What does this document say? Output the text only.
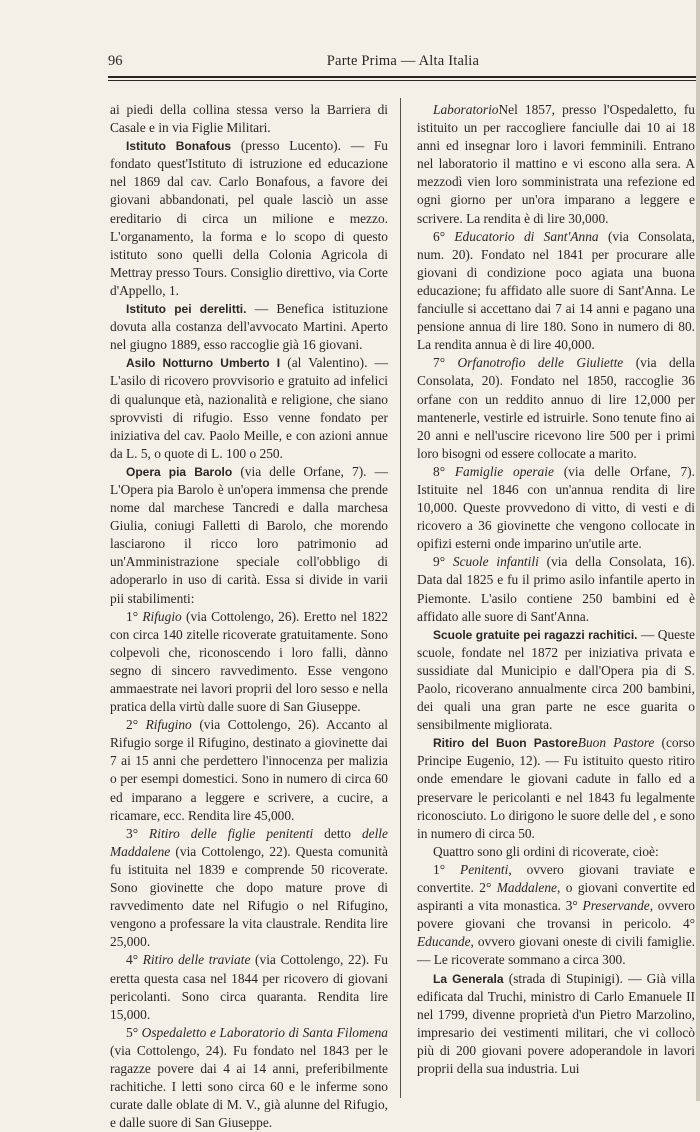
96	Parte Prima — Alta Italia

ai piedi della collina stessa verso la Barriera di Casale e in via Figlie Militari.

Istituto Bonafous (presso Lucento). — Fu fondato quest'Istituto di istruzione ed educazione nel 1869 dal cav. Carlo Bonafous, a favore dei giovani abbandonati, pel quale lasciò un asse ereditario di circa un milione e mezzo. L'organamento, la forma e lo scopo di questo istituto sono quelli della Colonia Agricola di Mettray presso Tours. Consiglio direttivo, via Corte d'Appello, 1.

Istituto pei derelitti. — Benefica istituzione dovuta alla costanza dell'avvocato Martini. Aperto nel giugno 1889, esso raccoglie già 16 giovani.

Asilo Notturno Umberto I (al Valentino). — L'asilo di ricovero provvisorio e gratuito ad infelici di qualunque età, nazionalità e religione, che siano sprovvisti di rifugio. Esso venne fondato per iniziativa del cav. Paolo Meille, e con azioni annue da L. 5, o quote di L. 100 o 250.

Opera pia Barolo (via delle Orfane, 7). — L'Opera pia Barolo è un'opera immensa che prende nome dal marchese Tancredi e dalla marchesa Giulia, coniugi Falletti di Barolo, che morendo lasciarono il ricco loro patrimonio ad un'Amministrazione speciale coll'obbligo di adoperarlo in uso di carità. Essa si divide in varii pii stabilimenti:

1° Rifugio (via Cottolengo, 26). Eretto nel 1822 con circa 140 zitelle ricoverate gratuitamente. Sono colpevoli che, riconoscendo i loro falli, dànno segno di sincero ravvedimento. Esse vengono ammaestrate nei lavori proprii del loro sesso e nella pratica della virtù dalle suore di San Giuseppe.

2° Rifugino (via Cottolengo, 26). Accanto al Rifugio sorge il Rifugino, destinato a giovinette dai 7 ai 15 anni che perdettero l'innocenza per malizia o per esempi domestici. Sono in numero di circa 60 ed imparano a leggere e scrivere, a cucire, a ricamare, ecc. Rendita lire 45,000.

3° Ritiro delle figlie penitenti detto delle Maddalene (via Cottolengo, 22). Questa comunità fu istituita nel 1839 e comprende 50 ricoverate. Sono giovinette che dopo mature prove di ravvedimento date nel Rifugio o nel Rifugino, vengono a professare la vita claustrale. Rendita lire 25,000.

4° Ritiro delle traviate (via Cottolengo, 22). Fu eretta questa casa nel 1844 per ricovero di giovani pericolanti. Sono circa quaranta. Rendita lire 15,000.

5° Ospedaletto e Laboratorio di Santa Filomena (via Cottolengo, 24). Fu fondato nel 1843 per le ragazze povere dai 4 ai 14 anni, preferibilmente rachitiche. I letti sono circa 60 e le inferme sono curate dalle oblate di M. V., già alunne del Rifugio, e dalle suore di San Giuseppe.

LaboratorioNel 1857, presso l'Ospedaletto, fu istituito un per raccogliere fanciulle dai 10 ai 18 anni ed insegnar loro i lavori femminili. Entrano nel laboratorio il mattino e vi escono alla sera. A mezzodì vien loro somministrata una refezione ed ogni giorno per un'ora imparano a leggere e scrivere. La rendita è di lire 30,000.

6° Educatorio di Sant'Anna (via Consolata, num. 20). Fondato nel 1841 per procurare alle giovani di condizione poco agiata una buona educazione; fu affidato alle suore di Sant'Anna. Le fanciulle si accettano dai 7 ai 14 anni e pagano una pensione annua di lire 180. Sono in numero di 80. La rendita annua è di lire 40,000.

7° Orfanotrofio delle Giuliette (via della Consolata, 20). Fondato nel 1850, raccoglie 36 orfane con un reddito annuo di lire 12,000 per mantenerle, vestirle ed istruirle. Sono tenute fino ai 20 anni e nell'uscire ricevono lire 500 per i primi loro bisogni od essere collocate a marito.

8° Famiglie operaie (via delle Orfane, 7). Istituite nel 1846 con un'annua rendita di lire 10,000. Queste provvedono di vitto, di vesti e di ricovero a 36 giovinette che vengono collocate in opifizi esterni onde imparino un'utile arte.

9° Scuole infantili (via della Consolata, 16). Data dal 1825 e fu il primo asilo infantile aperto in Piemonte. L'asilo contiene 250 bambini ed è affidato alle suore di Sant'Anna.

Scuole gratuite pei ragazzi rachitici. — Queste scuole, fondate nel 1872 per iniziativa privata e sussidiate dal Municipio e dall'Opera pia di S. Paolo, ricoverano annualmente circa 200 bambini, dei quali una gran parte ne esce guarita o sensibilmente migliorata.

Ritiro del Buon PastoreBuon Pastore (corso Principe Eugenio, 12). — Fu istituito questo ritiro onde emendare le giovani cadute in fallo ed a preservare le pericolanti e nel 1843 fu legalmente riconosciuto. Lo dirigono le suore delle del , e sono in numero di circa 50.

Quattro sono gli ordini di ricoverate, cioè:

1° Penitenti, ovvero giovani traviate e convertite. 2° Maddalene, o giovani convertite ed aspiranti a vita monastica. 3° Preservande, ovvero povere giovani che trovansi in pericolo. 4° Educande, ovvero giovani oneste di civili famiglie. — Le ricoverate sommano a circa 300.

La Generala (strada di Stupinigi). — Già villa edificata dal Truchi, ministro di Carlo Emanuele II nel 1799, divenne proprietà d'un Pietro Marzolino, impresario dei vestimenti militari, che vi collocò più di 200 giovani povere adoperandole in lavori proprii della sua industria. Lui
